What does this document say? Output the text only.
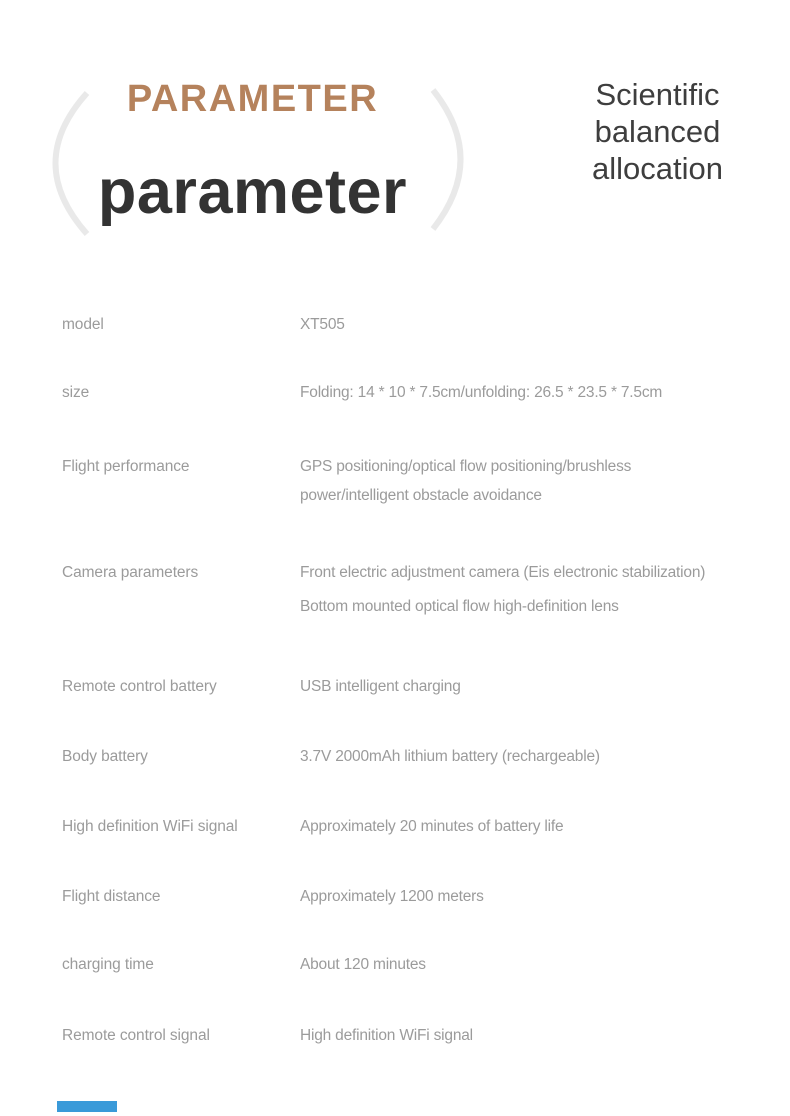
PARAMETER
parameter
Scientific
balanced
allocation
model	XT505
size	Folding: 14 * 10 * 7.5cm/unfolding: 26.5 * 23.5 * 7.5cm
Flight performance	GPS positioning/optical flow positioning/brushless
power/intelligent obstacle avoidance
Camera parameters	Front electric adjustment camera (Eis electronic stabilization)
Bottom mounted optical flow high-definition lens
Remote control battery	USB intelligent charging
Body battery	3.7V 2000mAh lithium battery (rechargeable)
High definition WiFi signal	Approximately 20 minutes of battery life
Flight distance	Approximately 1200 meters
charging time	About 120 minutes
Remote control signal	High definition WiFi signal
